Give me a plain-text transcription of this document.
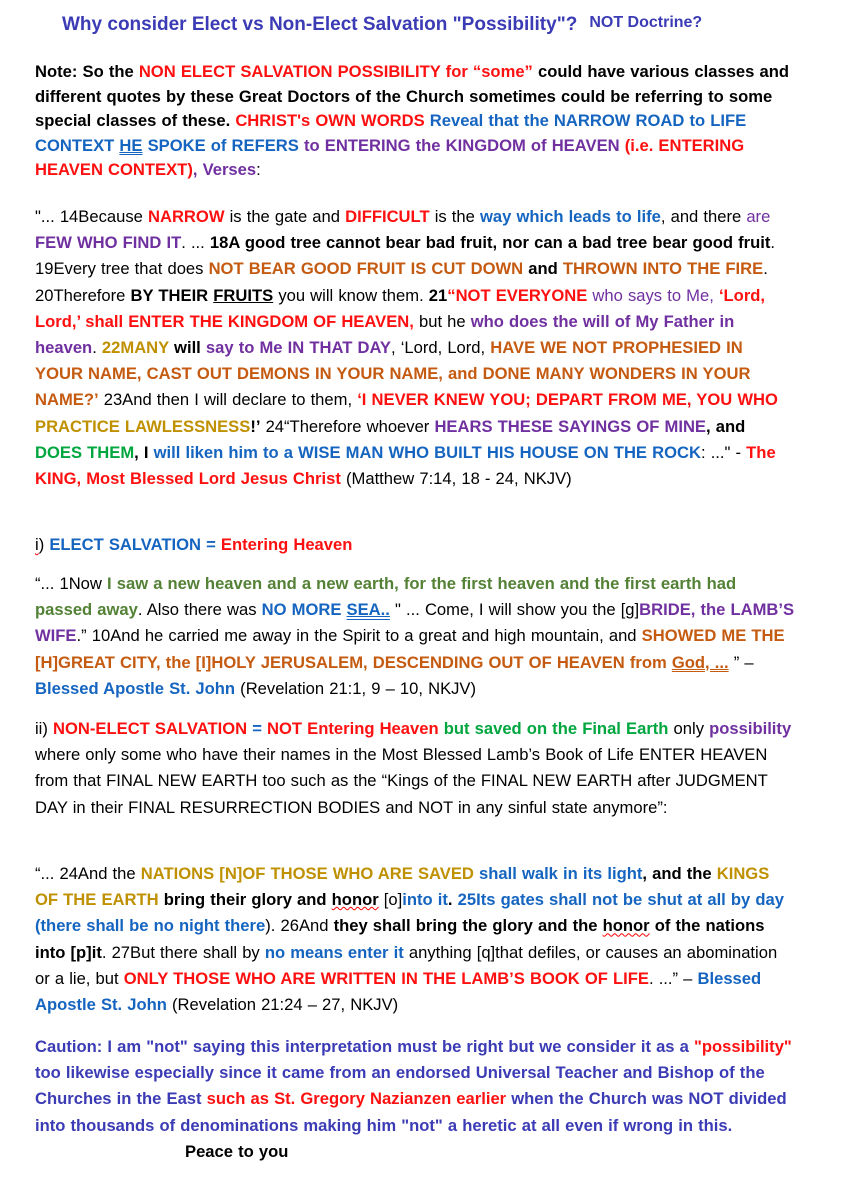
Why consider Elect vs Non-Elect Salvation "Possibility"? NOT Doctrine?
Note: So the NON ELECT SALVATION POSSIBILITY for “some” could have various classes and different quotes by these Great Doctors of the Church sometimes could be referring to some special classes of these. CHRIST's OWN WORDS Reveal that the NARROW ROAD to LIFE CONTEXT HE SPOKE of REFERS to ENTERING the KINGDOM of HEAVEN (i.e. ENTERING HEAVEN CONTEXT), Verses:
"... 14Because NARROW is the gate and DIFFICULT is the way which leads to life, and there are FEW WHO FIND IT. ... 18A good tree cannot bear bad fruit, nor can a bad tree bear good fruit. 19Every tree that does NOT BEAR GOOD FRUIT IS CUT DOWN and THROWN INTO THE FIRE. 20Therefore BY THEIR FRUITS you will know them. 21“NOT EVERYONE who says to Me, ‘Lord, Lord,’ shall ENTER THE KINGDOM OF HEAVEN, but he who does the will of My Father in heaven. 22MANY will say to Me IN THAT DAY, ‘Lord, Lord, HAVE WE NOT PROPHESIED IN YOUR NAME, CAST OUT DEMONS IN YOUR NAME, and DONE MANY WONDERS IN YOUR NAME?’ 23And then I will declare to them, ‘I NEVER KNEW YOU; DEPART FROM ME, YOU WHO PRACTICE LAWLESSNESS!’ 24“Therefore whoever HEARS THESE SAYINGS OF MINE, and DOES THEM, I will liken him to a WISE MAN WHO BUILT HIS HOUSE ON THE ROCK: ..." - The KING, Most Blessed Lord Jesus Christ (Matthew 7:14, 18 - 24, NKJV)
i) ELECT SALVATION = Entering Heaven
“... 1Now I saw a new heaven and a new earth, for the first heaven and the first earth had passed away. Also there was NO MORE SEA.. " ... Come, I will show you the [g]BRIDE, the LAMB’S WIFE.” 10And he carried me away in the Spirit to a great and high mountain, and SHOWED ME THE [H]GREAT CITY, the [I]HOLY JERUSALEM, DESCENDING OUT OF HEAVEN from God, ... ” – Blessed Apostle St. John (Revelation 21:1, 9 – 10, NKJV)
ii) NON-ELECT SALVATION = NOT Entering Heaven but saved on the Final Earth only possibility where only some who have their names in the Most Blessed Lamb’s Book of Life ENTER HEAVEN from that FINAL NEW EARTH too such as the “Kings of the FINAL NEW EARTH after JUDGMENT DAY in their FINAL RESURRECTION BODIES and NOT in any sinful state anymore”:
“... 24And the NATIONS [N]OF THOSE WHO ARE SAVED shall walk in its light, and the KINGS OF THE EARTH bring their glory and honor [o]into it. 25Its gates shall not be shut at all by day (there shall be no night there). 26And they shall bring the glory and the honor of the nations into [p]it. 27But there shall by no means enter it anything [q]that defiles, or causes an abomination or a lie, but ONLY THOSE WHO ARE WRITTEN IN THE LAMB’S BOOK OF LIFE. ...” – Blessed Apostle St. John (Revelation 21:24 – 27, NKJV)
Caution: I am "not" saying this interpretation must be right but we consider it as a "possibility" too likewise especially since it came from an endorsed Universal Teacher and Bishop of the Churches in the East such as St. Gregory Nazianzen earlier when the Church was NOT divided into thousands of denominations making him "not" a heretic at all even if wrong in this.Peace to you
